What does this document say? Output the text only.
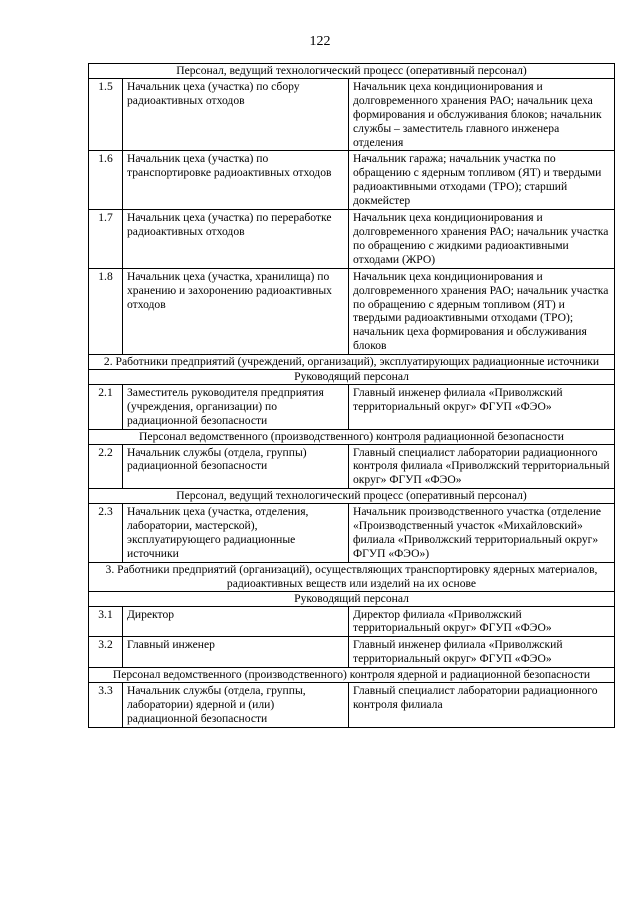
122
Персонал, ведущий технологический процесс (оперативный персонал)		
1.5	Начальник цеха (участка) по сбору радиоактивных отходов	Начальник цеха кондиционирования и долговременного хранения РАО; начальник цеха формирования и обслуживания блоков; начальник службы – заместитель главного инженера отделения
1.6	Начальник цеха (участка) по транспортировке радиоактивных отходов	Начальник гаража; начальник участка по обращению с ядерным топливом (ЯТ) и твердыми радиоактивными отходами (ТРО); старший докмейстер
1.7	Начальник цеха (участка) по переработке радиоактивных отходов	Начальник цеха кондиционирования и долговременного хранения РАО; начальник участка по обращению с жидкими радиоактивными отходами (ЖРО)
1.8	Начальник цеха (участка, хранилища) по хранению и захоронению радиоактивных отходов	Начальник цеха кондиционирования и долговременного хранения РАО; начальник участка по обращению с ядерным топливом (ЯТ) и твердыми радиоактивными отходами (ТРО); начальник цеха формирования и обслуживания блоков
2. Работники предприятий (учреждений, организаций), эксплуатирующих радиационные источники		
Руководящий персонал		
2.1	Заместитель руководителя предприятия (учреждения, организации) по радиационной безопасности	Главный инженер филиала «Приволжский территориальный округ» ФГУП «ФЭО»
Персонал ведомственного (производственного) контроля радиационной безопасности		
2.2	Начальник службы (отдела, группы) радиационной безопасности	Главный специалист лаборатории радиационного контроля филиала «Приволжский территориальный округ» ФГУП «ФЭО»
Персонал, ведущий технологический процесс (оперативный персонал)		
2.3	Начальник цеха (участка, отделения, лаборатории, мастерской), эксплуатирующего радиационные источники	Начальник производственного участка (отделение «Производственный участок «Михайловский» филиала «Приволжский территориальный округ» ФГУП «ФЭО»)
3. Работники предприятий (организаций), осуществляющих транспортировку ядерных материалов, радиоактивных веществ или изделий на их основе		
Руководящий персонал		
3.1	Директор	Директор филиала «Приволжский территориальный округ» ФГУП «ФЭО»
3.2	Главный инженер	Главный инженер филиала «Приволжский территориальный округ» ФГУП «ФЭО»
Персонал ведомственного (производственного) контроля ядерной и радиационной безопасности		
3.3	Начальник службы (отдела, группы, лаборатории) ядерной и (или) радиационной безопасности	Главный специалист лаборатории радиационного контроля филиала
